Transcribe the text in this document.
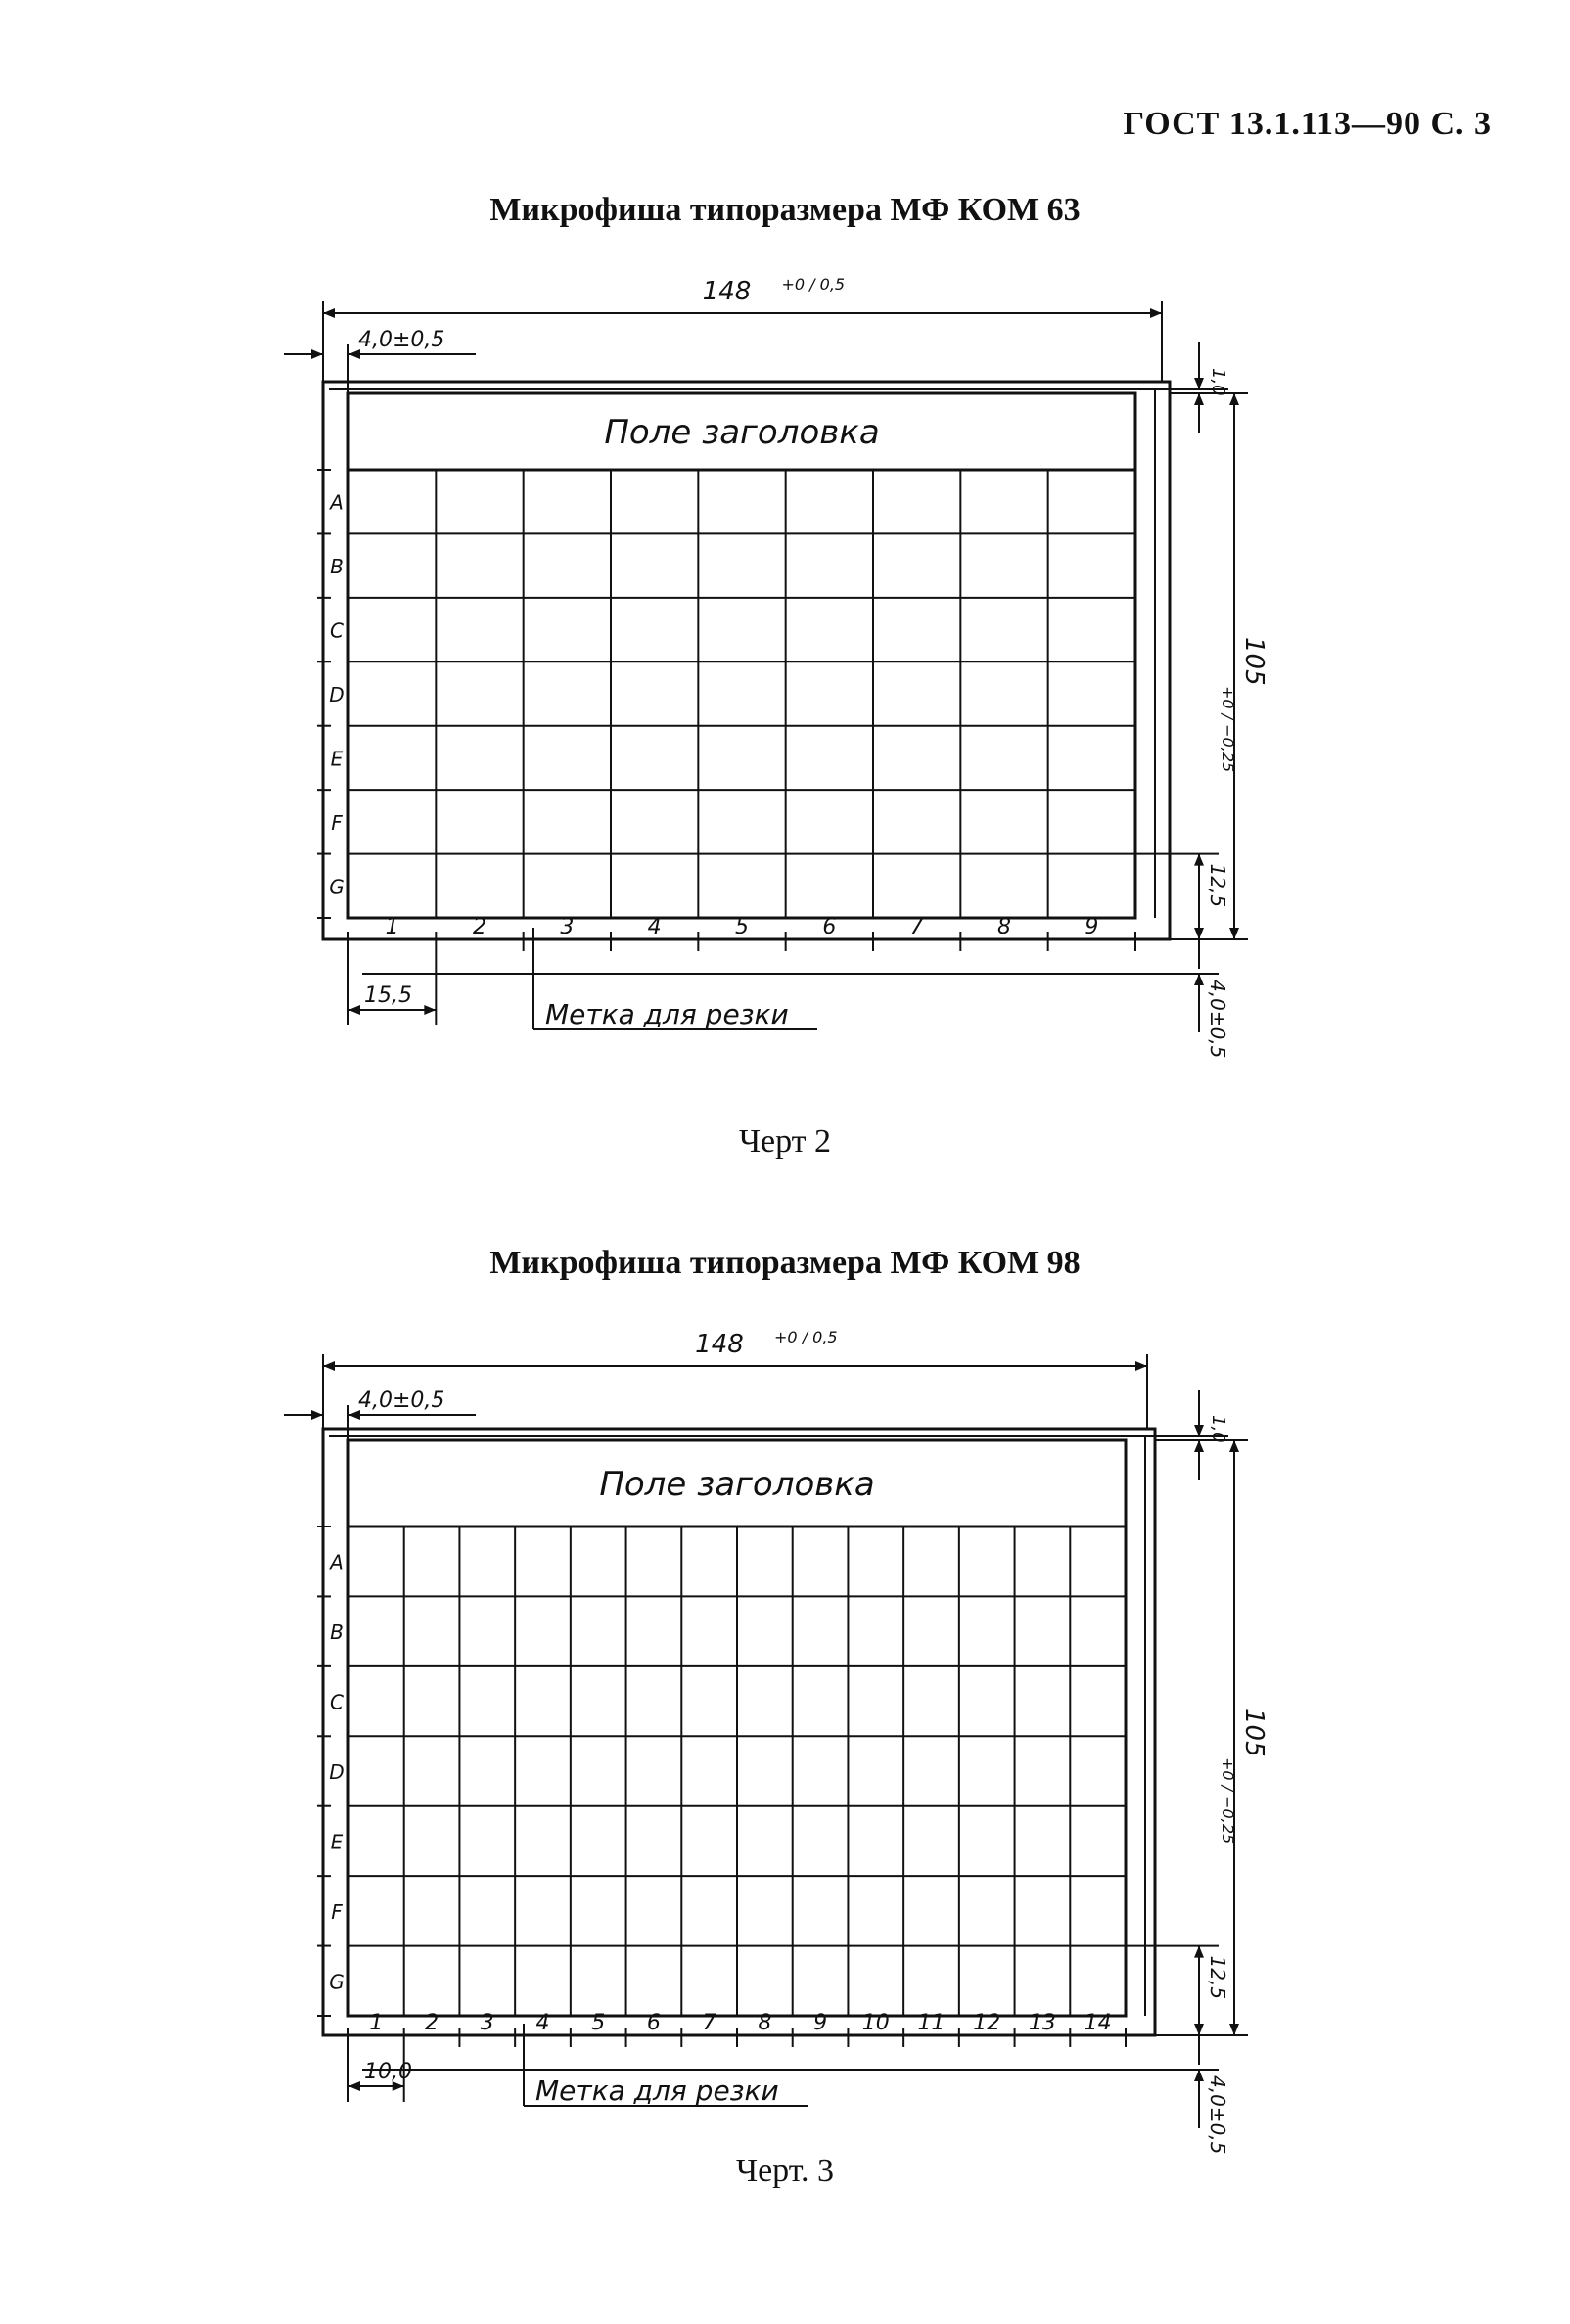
ГОСТ 13.1.113—90 С. 3
Микрофиша типоразмера МФ КОМ 63
Поле заголовка
A
B
C
D
E
F
G
1	2	3	4	5	6	7	8	9
148 +0 / 0,5
4,0±0,5
1,0
105
+0 / −0,25
12,5
4,0±0,5
15,5
Метка для резки
Черт 2
Микрофиша типоразмера МФ КОМ 98
Поле заголовка
A
B
C
D
E
F
G
1 2 3 4 5 6 7 8 9 10 11 12 13 14
148 +0 / 0,5
4,0±0,5
1,0
105
+0 / −0,25
12,5
4,0±0,5
10,0
Метка для резки
Черт. 3
